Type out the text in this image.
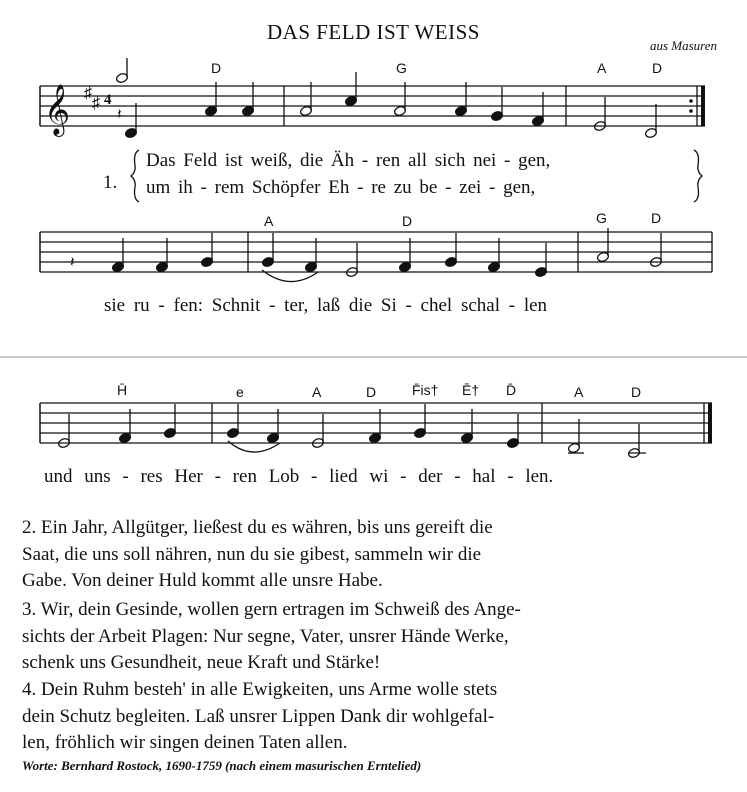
DAS FELD IST WEISS
aus Masuren
𝄞 ♯
♯ 4
𝄽
𝄽
D	G	A	D
1.
Das Feld ist weiß, die Äh - ren all sich nei - gen,
um ih - rem Schöpfer Eh - re zu be - zei - gen,
A	D	G	D
sie ru - fen: Schnit - ter, laß die Si - chel schal - len
H̄	e	A	D	F̄is† Ē† D̄	A	D
und uns - res Her - ren Lob - lied wi - der - hal - len.
2. Ein Jahr, Allgütger, ließest du es währen, bis uns gereift die
Saat, die uns soll nähren, nun du sie gibest, sammeln wir die
Gabe. Von deiner Huld kommt alle unsre Habe.
3. Wir, dein Gesinde, wollen gern ertragen im Schweiß des Ange-
sichts der Arbeit Plagen: Nur segne, Vater, unsrer Hände Werke,
schenk uns Gesundheit, neue Kraft und Stärke!
4. Dein Ruhm besteh' in alle Ewigkeiten, uns Arme wolle stets
dein Schutz begleiten. Laß unsrer Lippen Dank dir wohlgefal-
len, fröhlich wir singen deinen Taten allen.
Worte: Bernhard Rostock, 1690-1759 (nach einem masurischen Erntelied)
